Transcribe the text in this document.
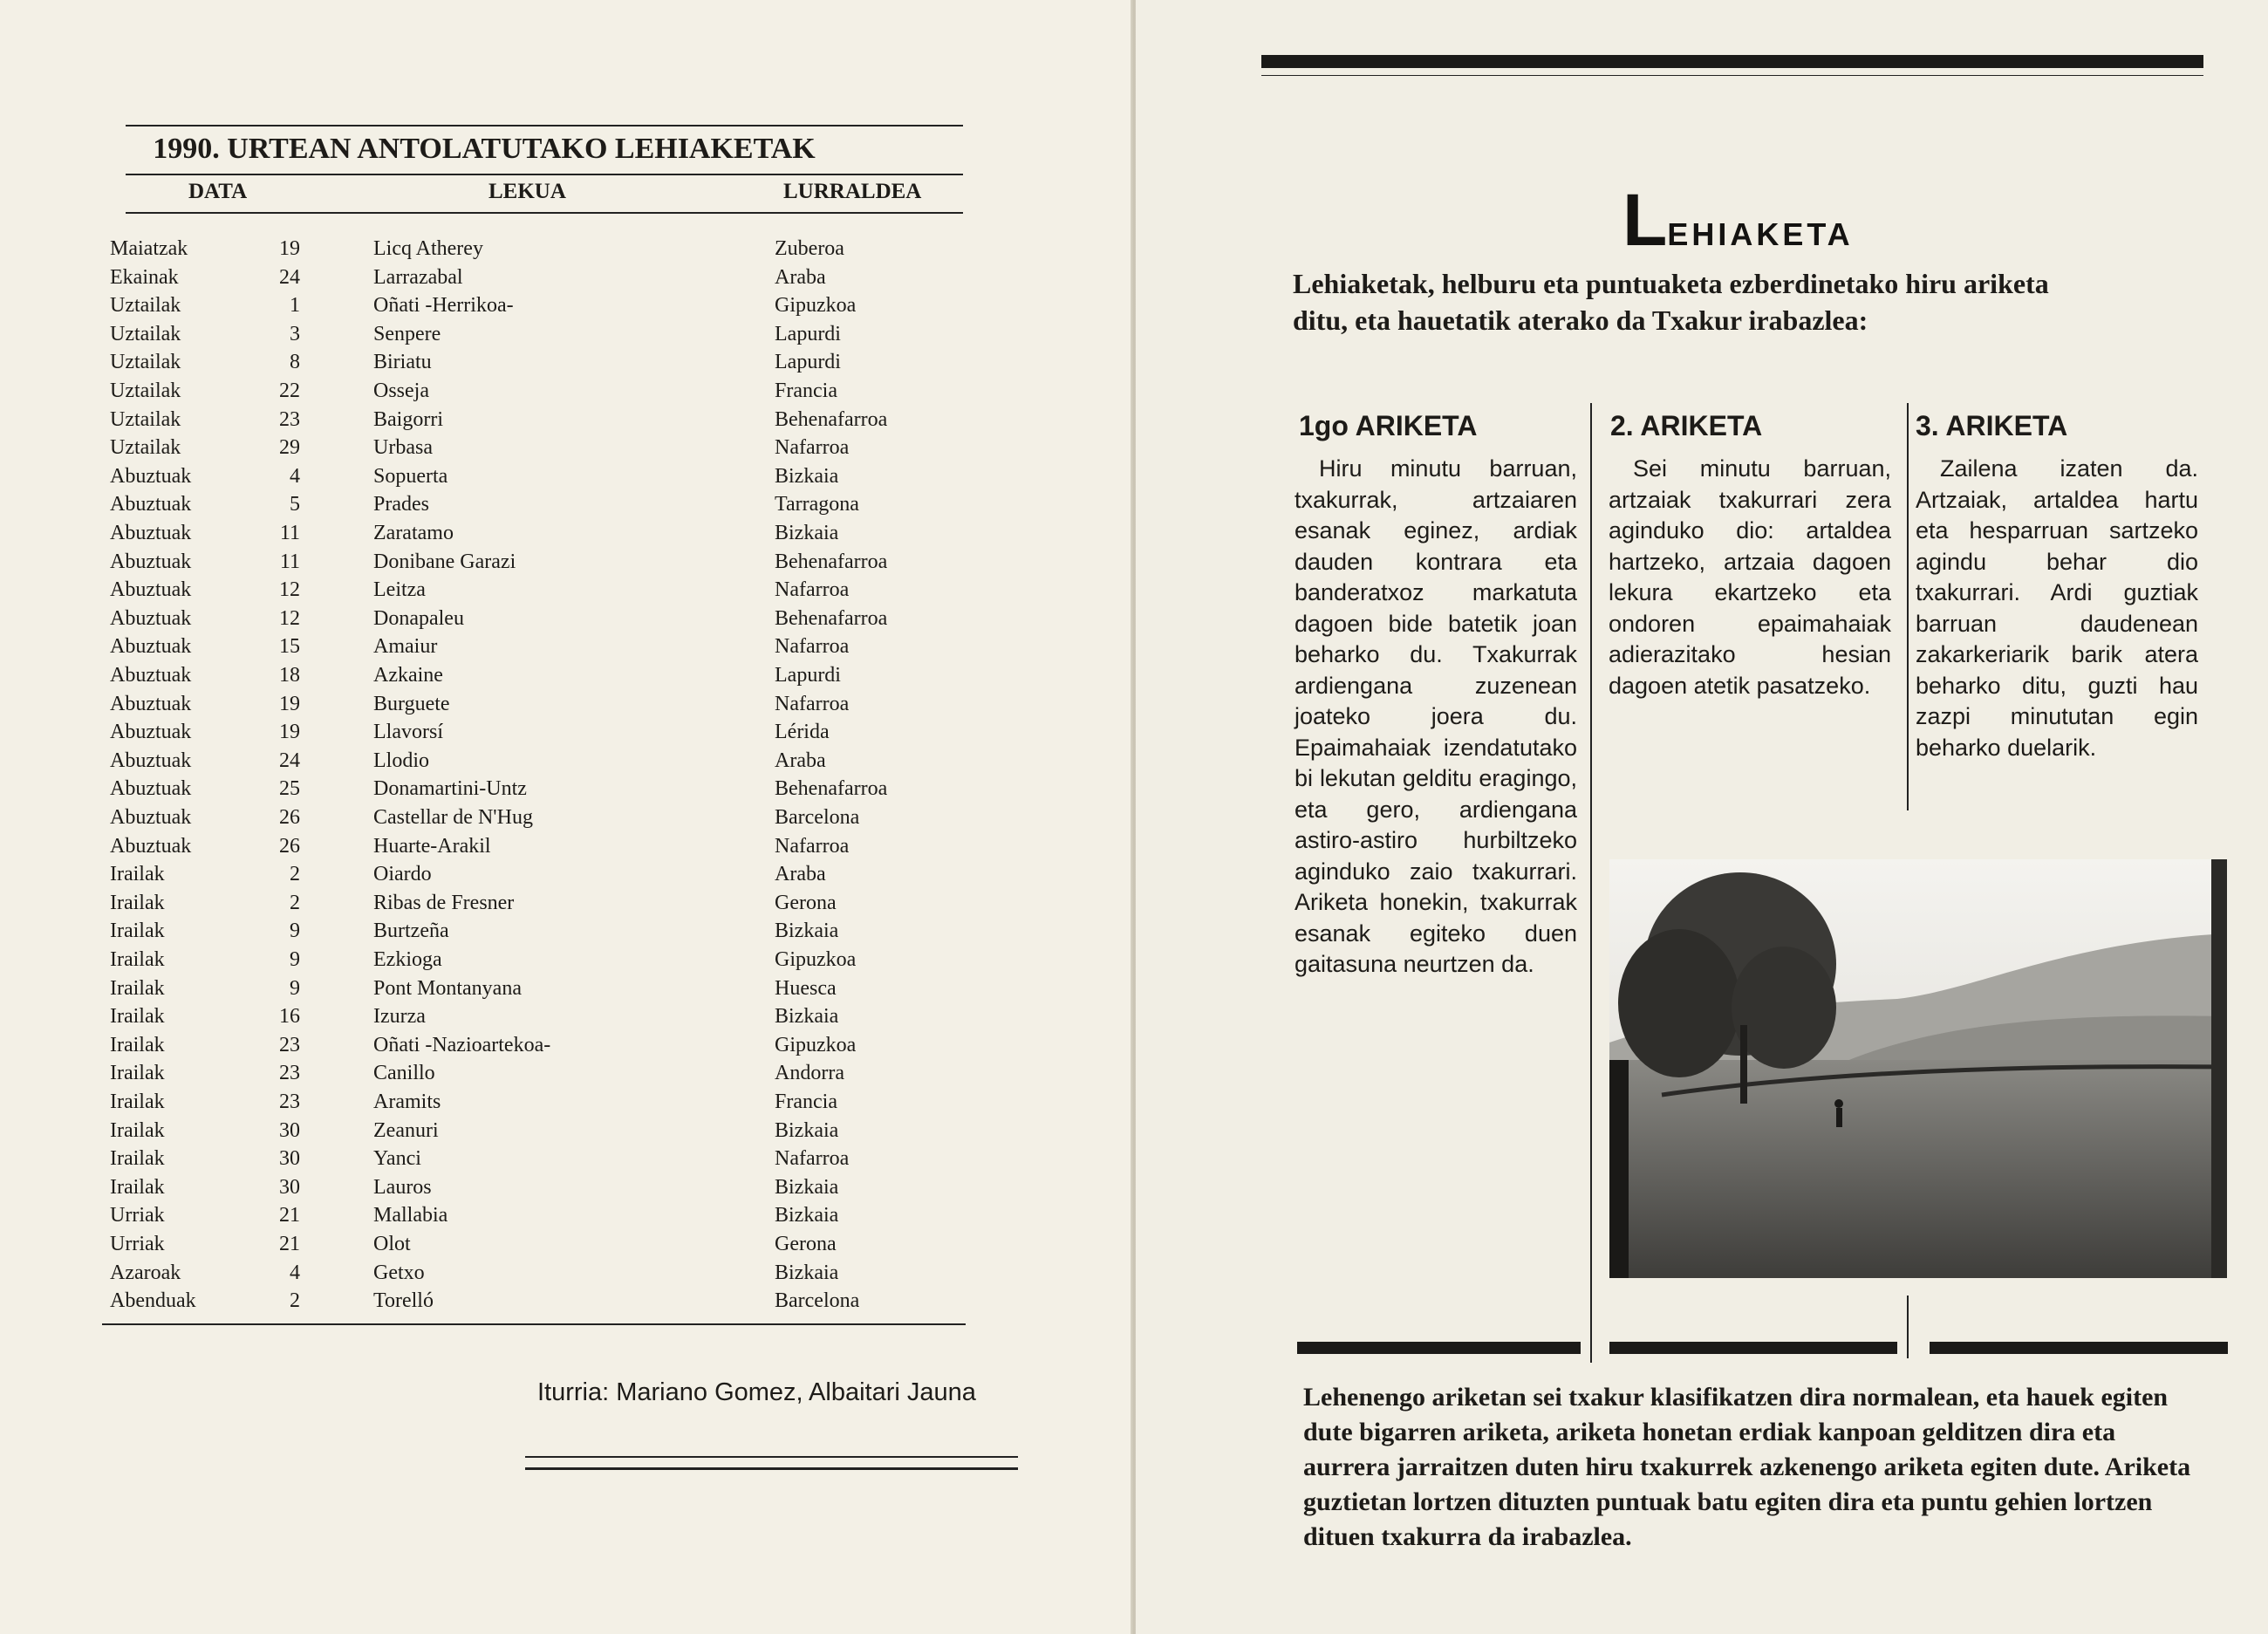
1990. URTEAN ANTOLATUTAKO LEHIAKETAK
DATA	LEKUA	LURRALDEA
Maiatzak	19	Licq Atherey	Zuberoa
Ekainak	24	Larrazabal	Araba
Uztailak	1	Oñati -Herrikoa-	Gipuzkoa
Uztailak	3	Senpere	Lapurdi
Uztailak	8	Biriatu	Lapurdi
Uztailak	22	Osseja	Francia
Uztailak	23	Baigorri	Behenafarroa
Uztailak	29	Urbasa	Nafarroa
Abuztuak	4	Sopuerta	Bizkaia
Abuztuak	5	Prades	Tarragona
Abuztuak	11	Zaratamo	Bizkaia
Abuztuak	11	Donibane Garazi	Behenafarroa
Abuztuak	12	Leitza	Nafarroa
Abuztuak	12	Donapaleu	Behenafarroa
Abuztuak	15	Amaiur	Nafarroa
Abuztuak	18	Azkaine	Lapurdi
Abuztuak	19	Burguete	Nafarroa
Abuztuak	19	Llavorsí	Lérida
Abuztuak	24	Llodio	Araba
Abuztuak	25	Donamartini-Untz	Behenafarroa
Abuztuak	26	Castellar de N'Hug	Barcelona
Abuztuak	26	Huarte-Arakil	Nafarroa
Irailak	2	Oiardo	Araba
Irailak	2	Ribas de Fresner	Gerona
Irailak	9	Burtzeña	Bizkaia
Irailak	9	Ezkioga	Gipuzkoa
Irailak	9	Pont Montanyana	Huesca
Irailak	16	Izurza	Bizkaia
Irailak	23	Oñati -Nazioartekoa-	Gipuzkoa
Irailak	23	Canillo	Andorra
Irailak	23	Aramits	Francia
Irailak	30	Zeanuri	Bizkaia
Irailak	30	Yanci	Nafarroa
Irailak	30	Lauros	Bizkaia
Urriak	21	Mallabia	Bizkaia
Urriak	21	Olot	Gerona
Azaroak	4	Getxo	Bizkaia
Abenduak	2	Torelló	Barcelona
Iturria: Mariano Gomez, Albaitari Jauna
LEHIAKETA
Lehiaketak, helburu eta puntuaketa ezberdinetako hiru ariketa
ditu, eta hauetatik aterako da Txakur irabazlea:
1go ARIKETA
Hiru minutu barruan, txakurrak, artzaiaren esanak eginez, ardiak dauden kontrara eta banderatxoz markatuta dagoen bide batetik joan beharko du. Txakurrak ardienganа zuzenean joateko joera du. Epaimahaiak izendatutako bi lekutan gelditu eragingo, eta gero, ardiengana astiro-astiro hurbiltzeko aginduko zaio txakurrari. Ariketa honekin, txakurrak esanak egiteko duen gaitasuna neurtzen da.
2. ARIKETA
Sei minutu barruan, artzaiak txakurrari zera aginduko dio: artaldea hartzeko, artzaia dagoen lekura ekartzeko eta ondoren epaimahaiak adierazitako hesian dagoen atetik pasatzeko.
3. ARIKETA
Zailena izaten da. Artzaiak, artaldea hartu eta hesparruan sartzeko agindu behar dio txakurrari. Ardi guztiak barruan daudenean zakarkeriarik barik atera beharko ditu, guzti hau zazpi minututan egin beharko duelarik.
Lehenengo ariketan sei txakur klasifikatzen dira normalean, eta hauek egiten dute bigarren ariketa, ariketa honetan erdiak kanpoan gelditzen dira eta aurrera jarraitzen duten hiru txakurrek azkenengo ariketa egiten dute. Ariketa guztietan lortzen dituzten puntuak batu egiten dira eta puntu gehien lortzen dituen txakurra da irabazlea.
